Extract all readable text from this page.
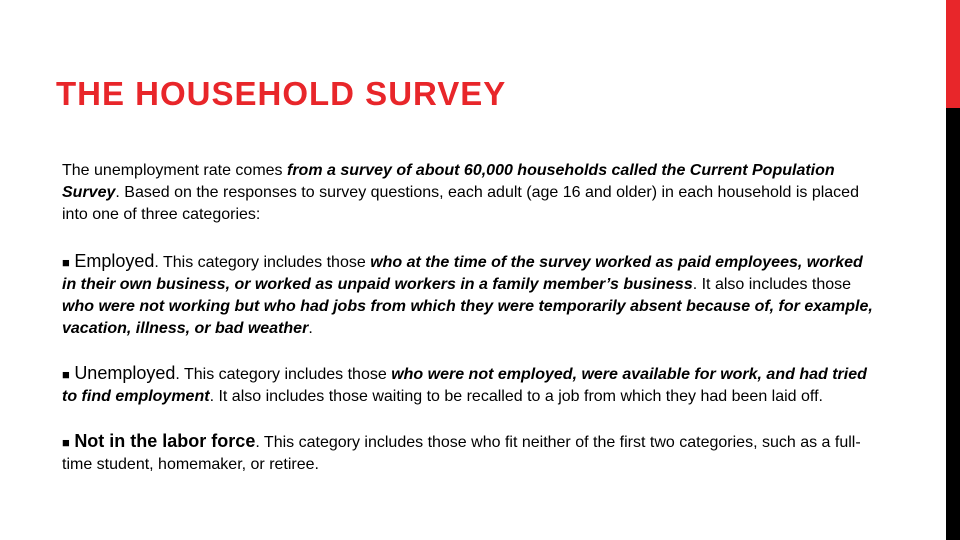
THE HOUSEHOLD SURVEY

The unemployment rate comes from a survey of about 60,000 households called the Current Population Survey. Based on the responses to survey questions, each adult (age 16 and older) in each household is placed into one of three categories:

■ Employed. This category includes those who at the time of the survey worked as paid employees, worked in their own business, or worked as unpaid workers in a family member’s business. It also includes those who were not working but who had jobs from which they were temporarily absent because of, for example, vacation, illness, or bad weather.

■ Unemployed. This category includes those who were not employed, were available for work, and had tried to find employment. It also includes those waiting to be recalled to a job from which they had been laid off.

■ Not in the labor force. This category includes those who fit neither of the first two categories, such as a full-time student, homemaker, or retiree.
